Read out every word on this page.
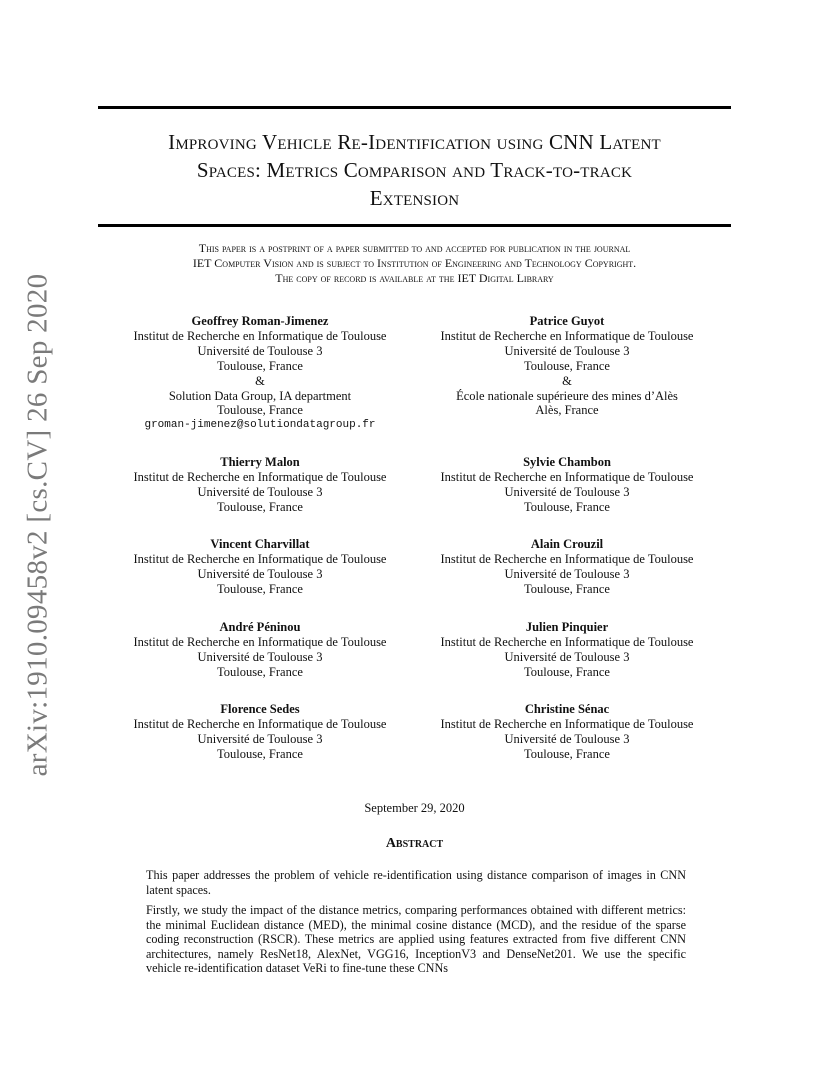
arXiv:1910.09458v2 [cs.CV] 26 Sep 2020
Improving Vehicle Re-Identification using CNN Latent
Spaces: Metrics Comparison and Track-to-track
Extension
This paper is a postprint of a paper submitted to and accepted for publication in the journal
IET Computer Vision and is subject to Institution of Engineering and Technology Copyright.
The copy of record is available at the IET Digital Library
Geoffrey Roman-Jimenez
Institut de Recherche en Informatique de Toulouse
Université de Toulouse 3
Toulouse, France
&
Solution Data Group, IA department
Toulouse, France
groman-jimenez@solutiondatagroup.fr
Patrice Guyot
Institut de Recherche en Informatique de Toulouse
Université de Toulouse 3
Toulouse, France
&
École nationale supérieure des mines d’Alès
Alès, France
Thierry Malon
Institut de Recherche en Informatique de Toulouse
Université de Toulouse 3
Toulouse, France
Sylvie Chambon
Institut de Recherche en Informatique de Toulouse
Université de Toulouse 3
Toulouse, France
Vincent Charvillat
Institut de Recherche en Informatique de Toulouse
Université de Toulouse 3
Toulouse, France
Alain Crouzil
Institut de Recherche en Informatique de Toulouse
Université de Toulouse 3
Toulouse, France
André Péninou
Institut de Recherche en Informatique de Toulouse
Université de Toulouse 3
Toulouse, France
Julien Pinquier
Institut de Recherche en Informatique de Toulouse
Université de Toulouse 3
Toulouse, France
Florence Sedes
Institut de Recherche en Informatique de Toulouse
Université de Toulouse 3
Toulouse, France
Christine Sénac
Institut de Recherche en Informatique de Toulouse
Université de Toulouse 3
Toulouse, France
September 29, 2020
Abstract

This paper addresses the problem of vehicle re-identification using distance comparison of images in CNN latent spaces.

Firstly, we study the impact of the distance metrics, comparing performances obtained with different metrics: the minimal Euclidean distance (MED), the minimal cosine distance (MCD), and the residue of the sparse coding reconstruction (RSCR). These metrics are applied using features extracted from five different CNN architectures, namely ResNet18, AlexNet, VGG16, InceptionV3 and DenseNet201. We use the specific vehicle re-identification dataset VeRi to fine-tune these CNNs
